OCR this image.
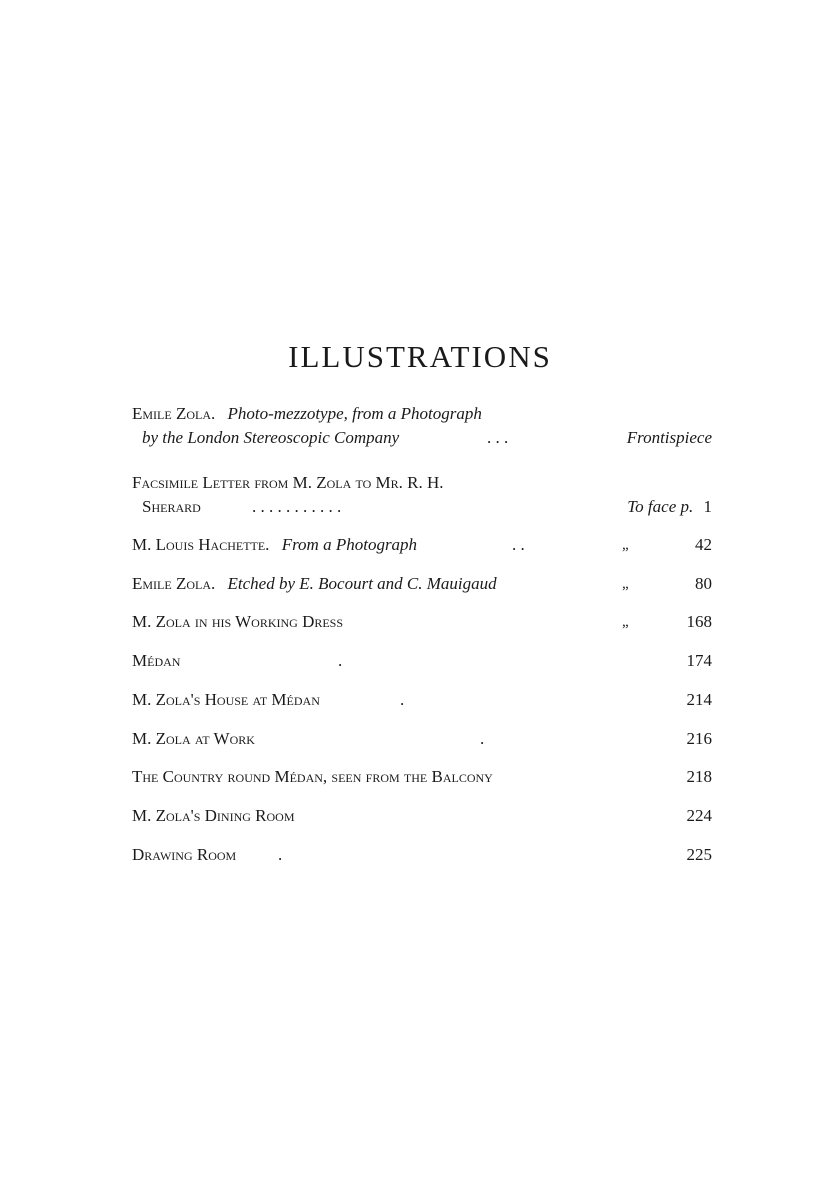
ILLUSTRATIONS
Emile Zola. Photo-mezzotype, from a Photograph
by the London Stereoscopic Company	. . .	Frontispiece
Facsimile Letter from M. Zola to Mr. R. H.
Sherard	. . . . . . . . . . .	To face p. 1
M. Louis Hachette. From a Photograph	. .	„	42
Emile Zola. Etched by E. Bocourt and C. Mauigaud	„	80
M. Zola in his Working Dress	„	168
Médan	.	174
M. Zola's House at Médan	.	214
M. Zola at Work	.	216
The Country round Médan, seen from the Balcony	218
M. Zola's Dining Room	224
Drawing Room .	225
